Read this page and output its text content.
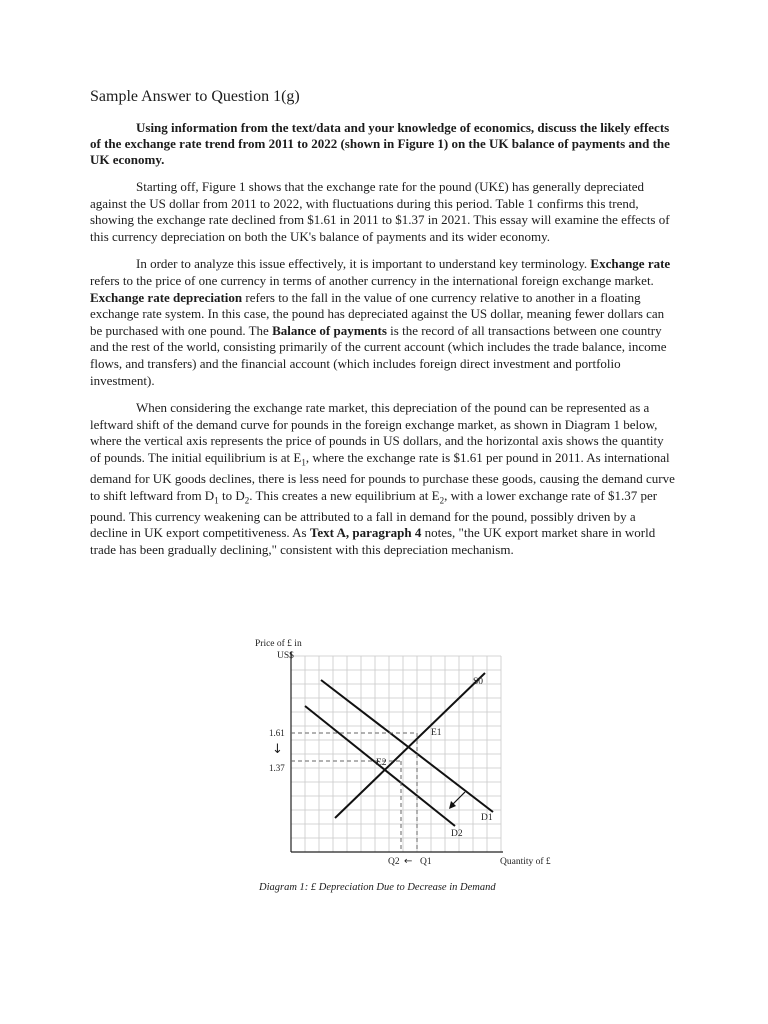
Sample Answer to Question 1(g)

Using information from the text/data and your knowledge of economics, discuss the likely effects of the exchange rate trend from 2011 to 2022 (shown in Figure 1) on the UK balance of payments and the UK economy.

Starting off, Figure 1 shows that the exchange rate for the pound (UK£) has generally depreciated against the US dollar from 2011 to 2022, with fluctuations during this period. Table 1 confirms this trend, showing the exchange rate declined from $1.61 in 2011 to $1.37 in 2021. This essay will examine the effects of this currency depreciation on both the UK's balance of payments and its wider economy.

In order to analyze this issue effectively, it is important to understand key terminology. Exchange rate refers to the price of one currency in terms of another currency in the international foreign exchange market. Exchange rate depreciation refers to the fall in the value of one currency relative to another in a floating exchange rate system. In this case, the pound has depreciated against the US dollar, meaning fewer dollars can be purchased with one pound. The Balance of payments is the record of all transactions between one country and the rest of the world, consisting primarily of the current account (which includes the trade balance, income flows, and transfers) and the financial account (which includes foreign direct investment and portfolio investment).

When considering the exchange rate market, this depreciation of the pound can be represented as a leftward shift of the demand curve for pounds in the foreign exchange market, as shown in Diagram 1 below, where the vertical axis represents the price of pounds in US dollars, and the horizontal axis shows the quantity of pounds. The initial equilibrium is at $E_1$, where the exchange rate is $1.61 per pound in 2011. As international demand for UK goods declines, there is less need for pounds to purchase these goods, causing the demand curve to shift leftward from $D_1$ to $D_2$. This creates a new equilibrium at $E_2$, with a lower exchange rate of $1.37 per pound. This currency weakening can be attributed to a fall in demand for the pound, possibly driven by a decline in UK export competitiveness. As Text A, paragraph 4 notes, "the UK export market share in world trade has been gradually declining," consistent with this depreciation mechanism.

Price of £ in
US$
S0
D1
D2
E1
E2
1.61
↓
1.37
Q2 ← Q1	Quantity of £
Diagram 1: £ Depreciation Due to Decrease in Demand
